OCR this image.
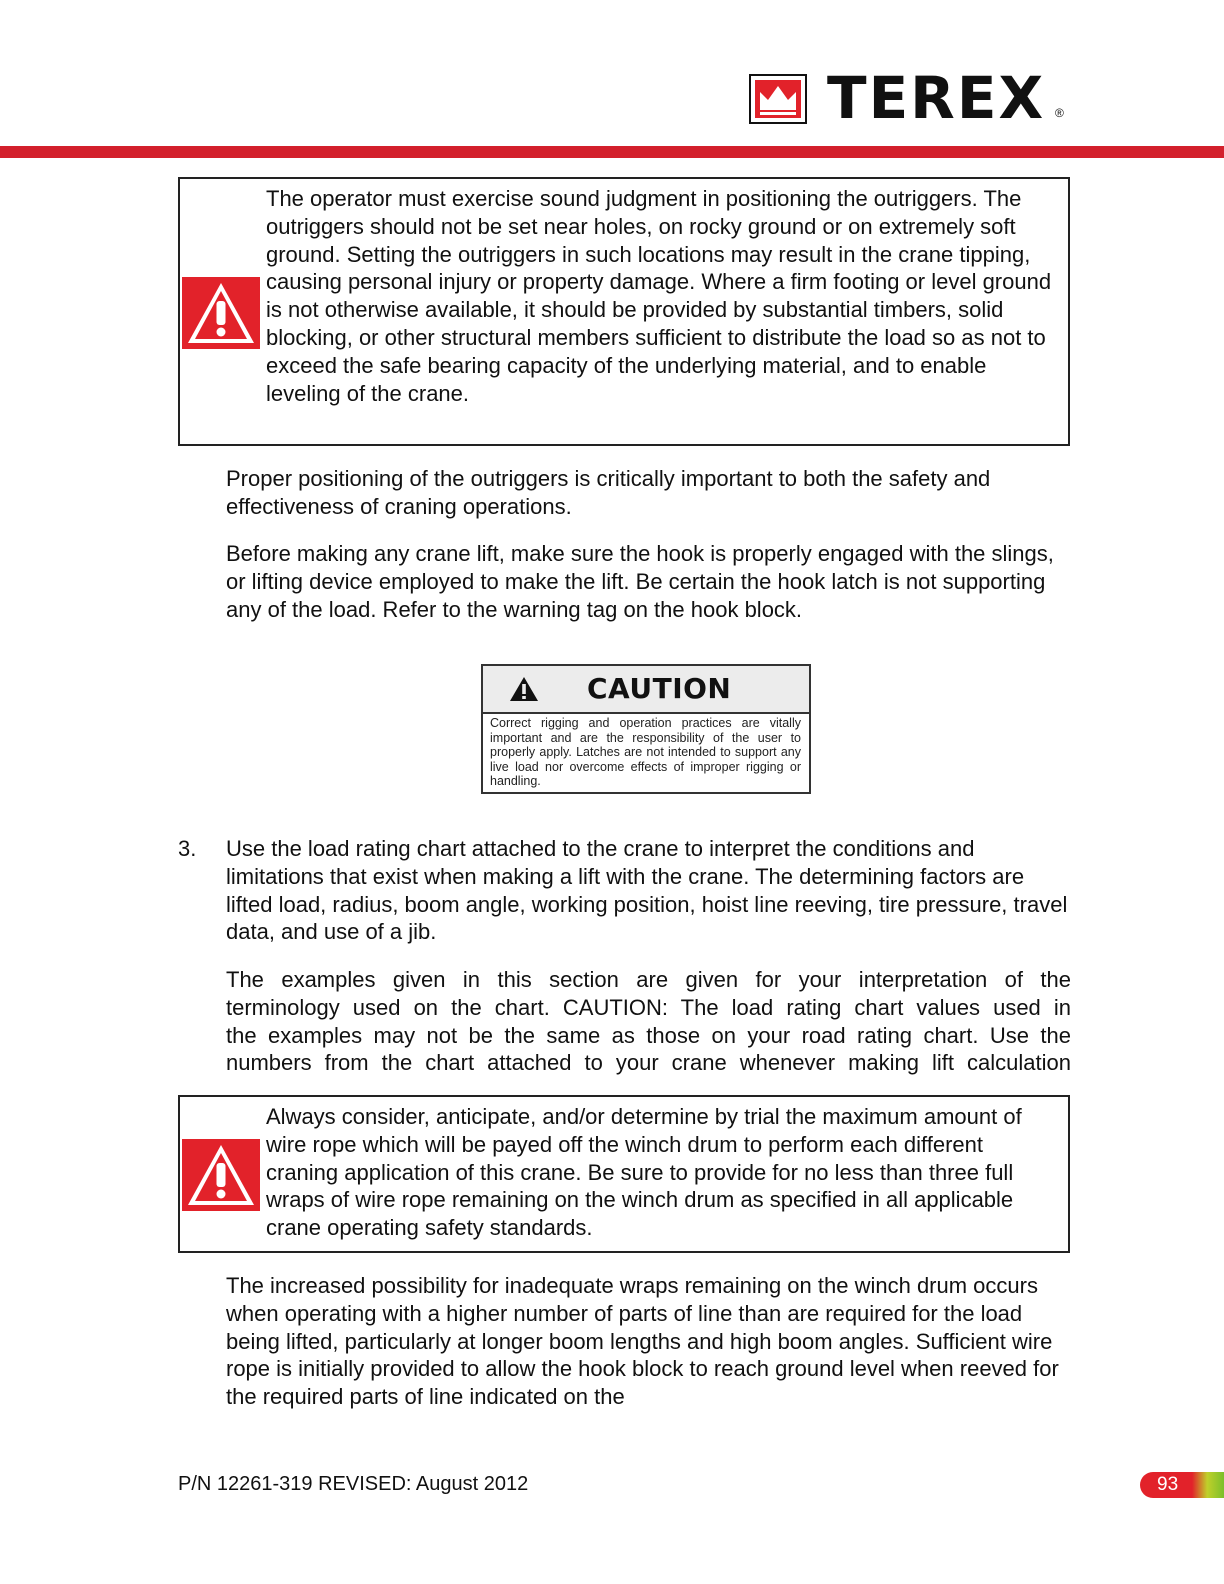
TEREX ®
The operator must exercise sound judgment in positioning the outriggers. The outriggers should not be set near holes, on rocky ground or on extremely soft ground. Setting the outriggers in such locations may result in the crane tipping, causing personal injury or property damage. Where a firm footing or level ground is not otherwise available, it should be provided by substantial timbers, solid blocking, or other structural members sufficient to distribute the load so as not to exceed the safe bearing capacity of the underlying material, and to enable leveling of the crane.

Proper positioning of the outriggers is critically important to both the safety and effectiveness of craning operations.

Before making any crane lift, make sure the hook is properly engaged with the slings, or lifting device employed to make the lift. Be certain the hook latch is not supporting any of the load. Refer to the warning tag on the hook block.

CAUTION
Correct rigging and operation practices are vitally important and are the responsibility of the user to properly apply. Latches are not intended to support any live load nor overcome effects of improper rigging or handling.
3. Use the load rating chart attached to the crane to interpret the conditions and limitations that exist when making a lift with the crane. The determining factors are lifted load, radius, boom angle, working position, hoist line reeving, tire pressure, travel data, and use of a jib.

The examples given in this section are given for your interpretation of the
terminology used on the chart. CAUTION: The load rating chart values used in
the examples may not be the same as those on your road rating chart. Use the
numbers from the chart attached to your crane whenever making lift calculation
Always consider, anticipate, and/or determine by trial the maximum amount of wire rope which will be payed off the winch drum to perform each different craning application of this crane. Be sure to provide for no less than three full wraps of wire rope remaining on the winch drum as specified in all applicable crane operating safety standards.

The increased possibility for inadequate wraps remaining on the winch drum occurs when operating with a higher number of parts of line than are required for the load being lifted, particularly at longer boom lengths and high boom angles. Sufficient wire rope is initially provided to allow the hook block to reach ground level when reeved for the required parts of line indicated on the

P/N 12261-319 REVISED: August 2012	93
